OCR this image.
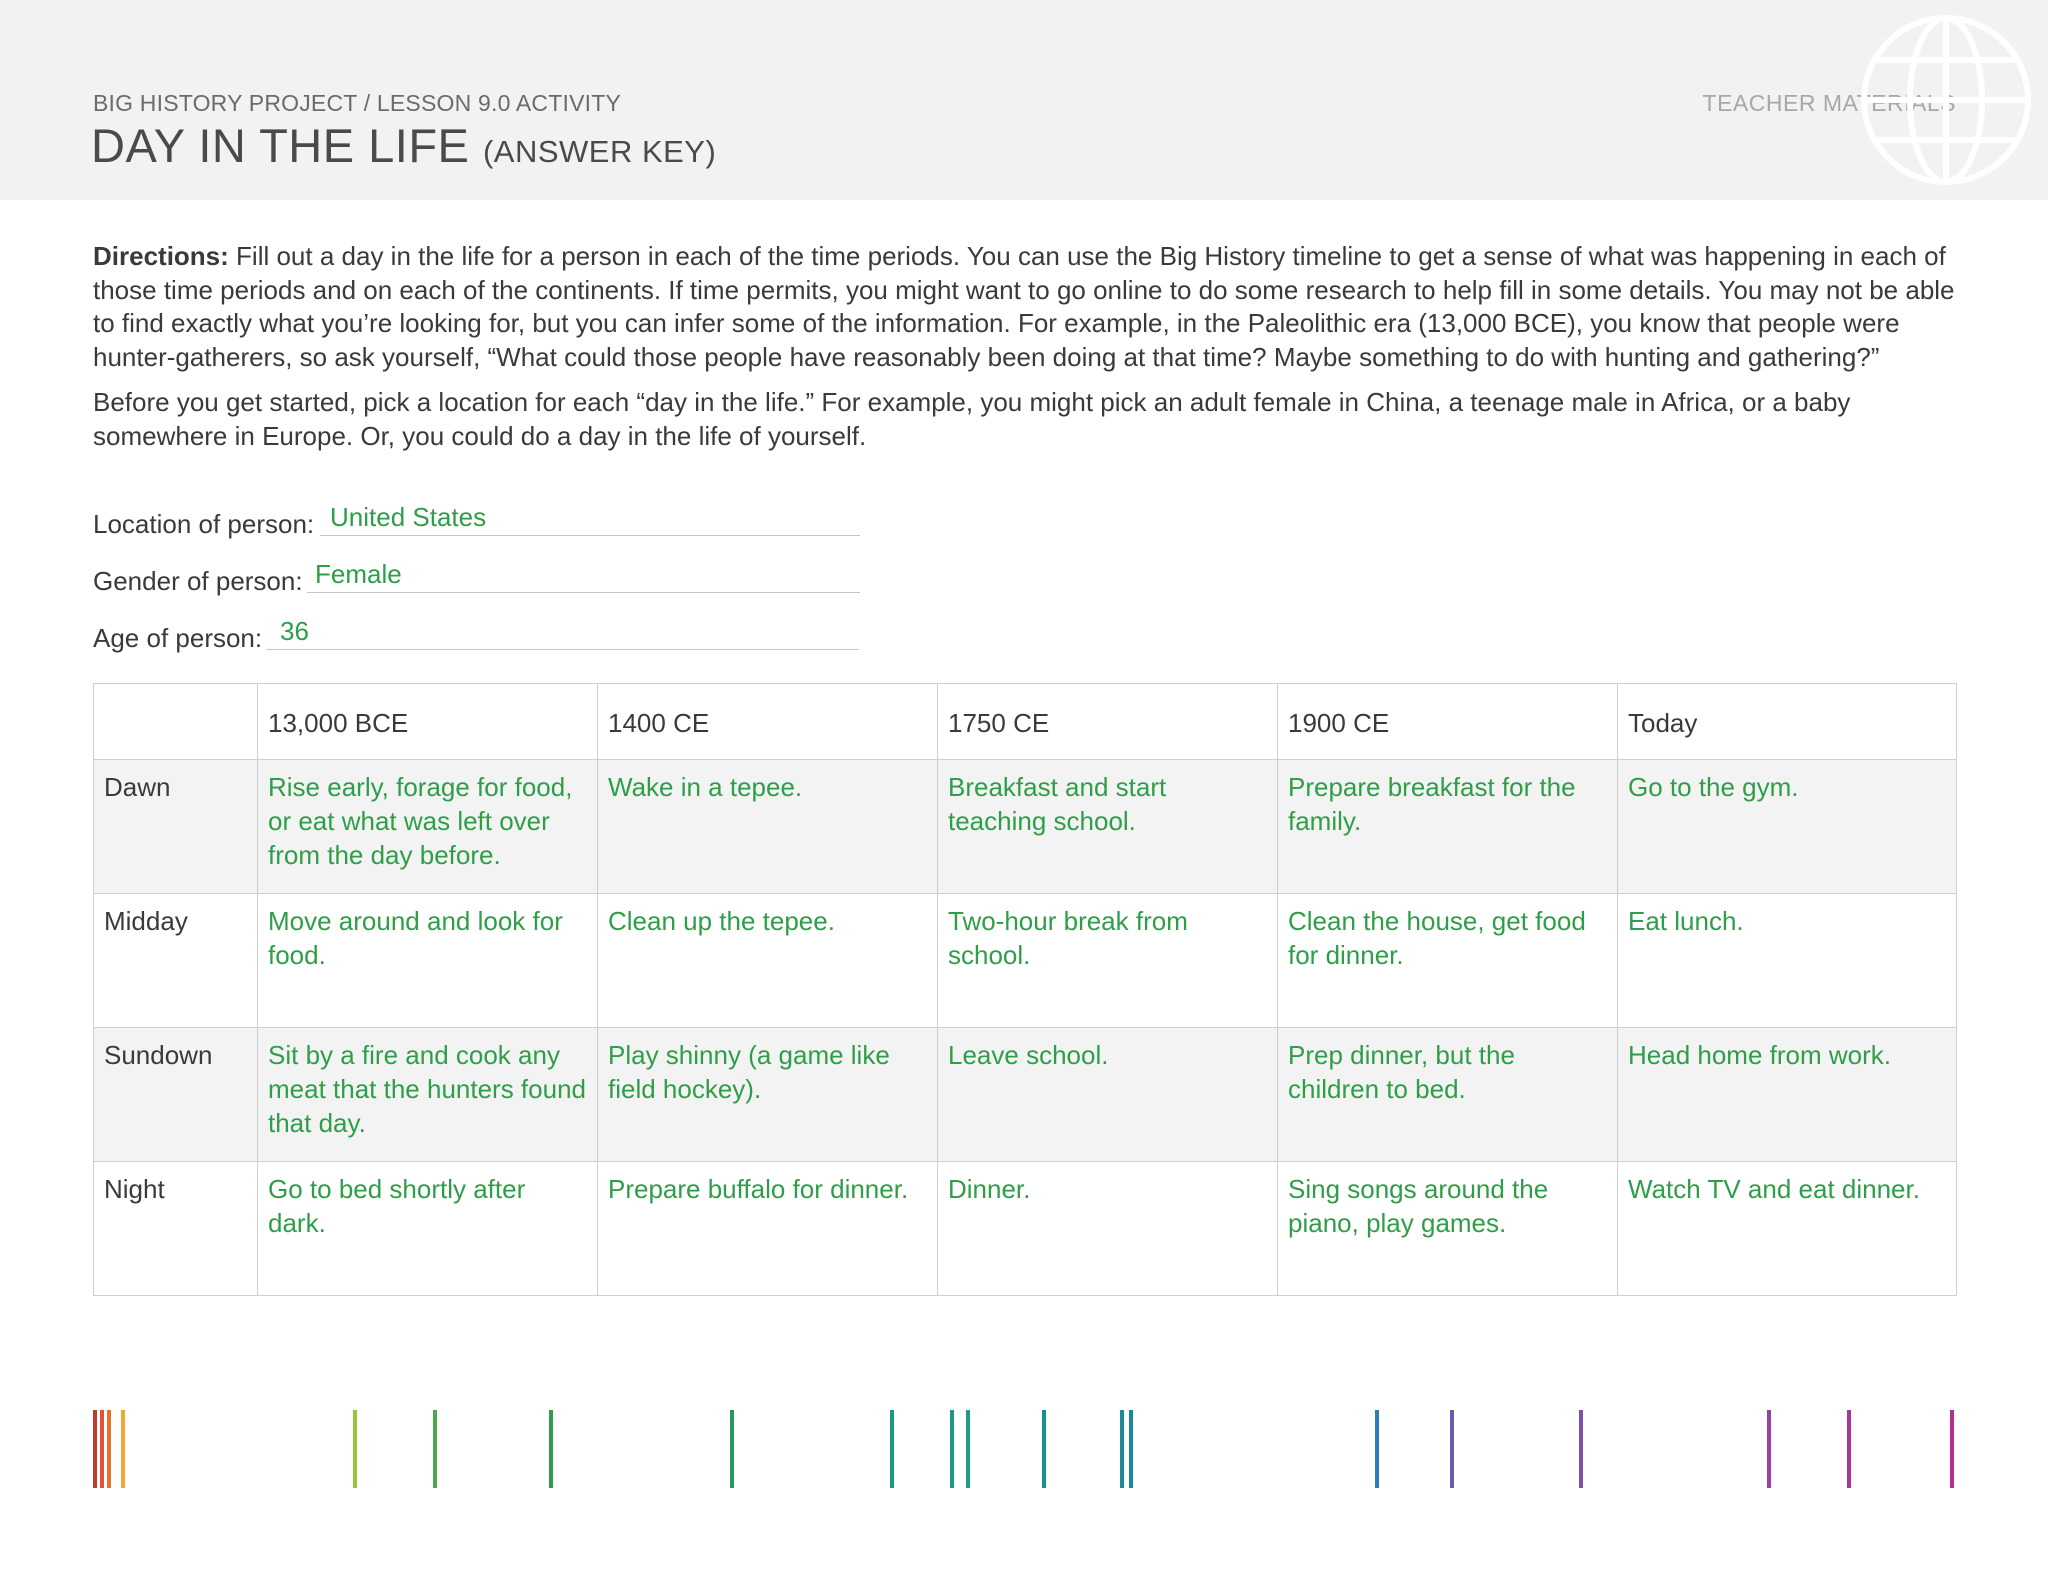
BIG HISTORY PROJECT / LESSON 9.0 ACTIVITY
DAY IN THE LIFE (ANSWER KEY)
TEACHER MATERIALS

Directions: Fill out a day in the life for a person in each of the time periods. You can use the Big History timeline to get a sense of what was happening in each of those time periods and on each of the continents. If time permits, you might want to go online to do some research to help fill in some details. You may not be able to find exactly what you’re looking for, but you can infer some of the information. For example, in the Paleolithic era (13,000 BCE), you know that people were hunter-gatherers, so ask yourself, “What could those people have reasonably been doing at that time? Maybe something to do with hunting and gathering?”

Before you get started, pick a location for each “day in the life.” For example, you might pick an adult female in China, a teenage male in Africa, or a baby somewhere in Europe. Or, you could do a day in the life of yourself.

Location of person: United States
Gender of person: Female
Age of person: 36
	13,000 BCE	1400 CE	1750 CE	1900 CE	Today
Dawn	Rise early, forage for food, or eat what was left over from the day before.	Wake in a tepee.	Breakfast and start teaching school.	Prepare breakfast for the family.	Go to the gym.
Midday	Move around and look for food.	Clean up the tepee.	Two-hour break from school.	Clean the house, get food for dinner.	Eat lunch.
Sundown	Sit by a fire and cook any meat that the hunters found that day.	Play shinny (a game like field hockey).	Leave school.	Prep dinner, but the children to bed.	Head home from work.
Night	Go to bed shortly after dark.	Prepare buffalo for dinner.	Dinner.	Sing songs around the piano, play games.	Watch TV and eat dinner.
